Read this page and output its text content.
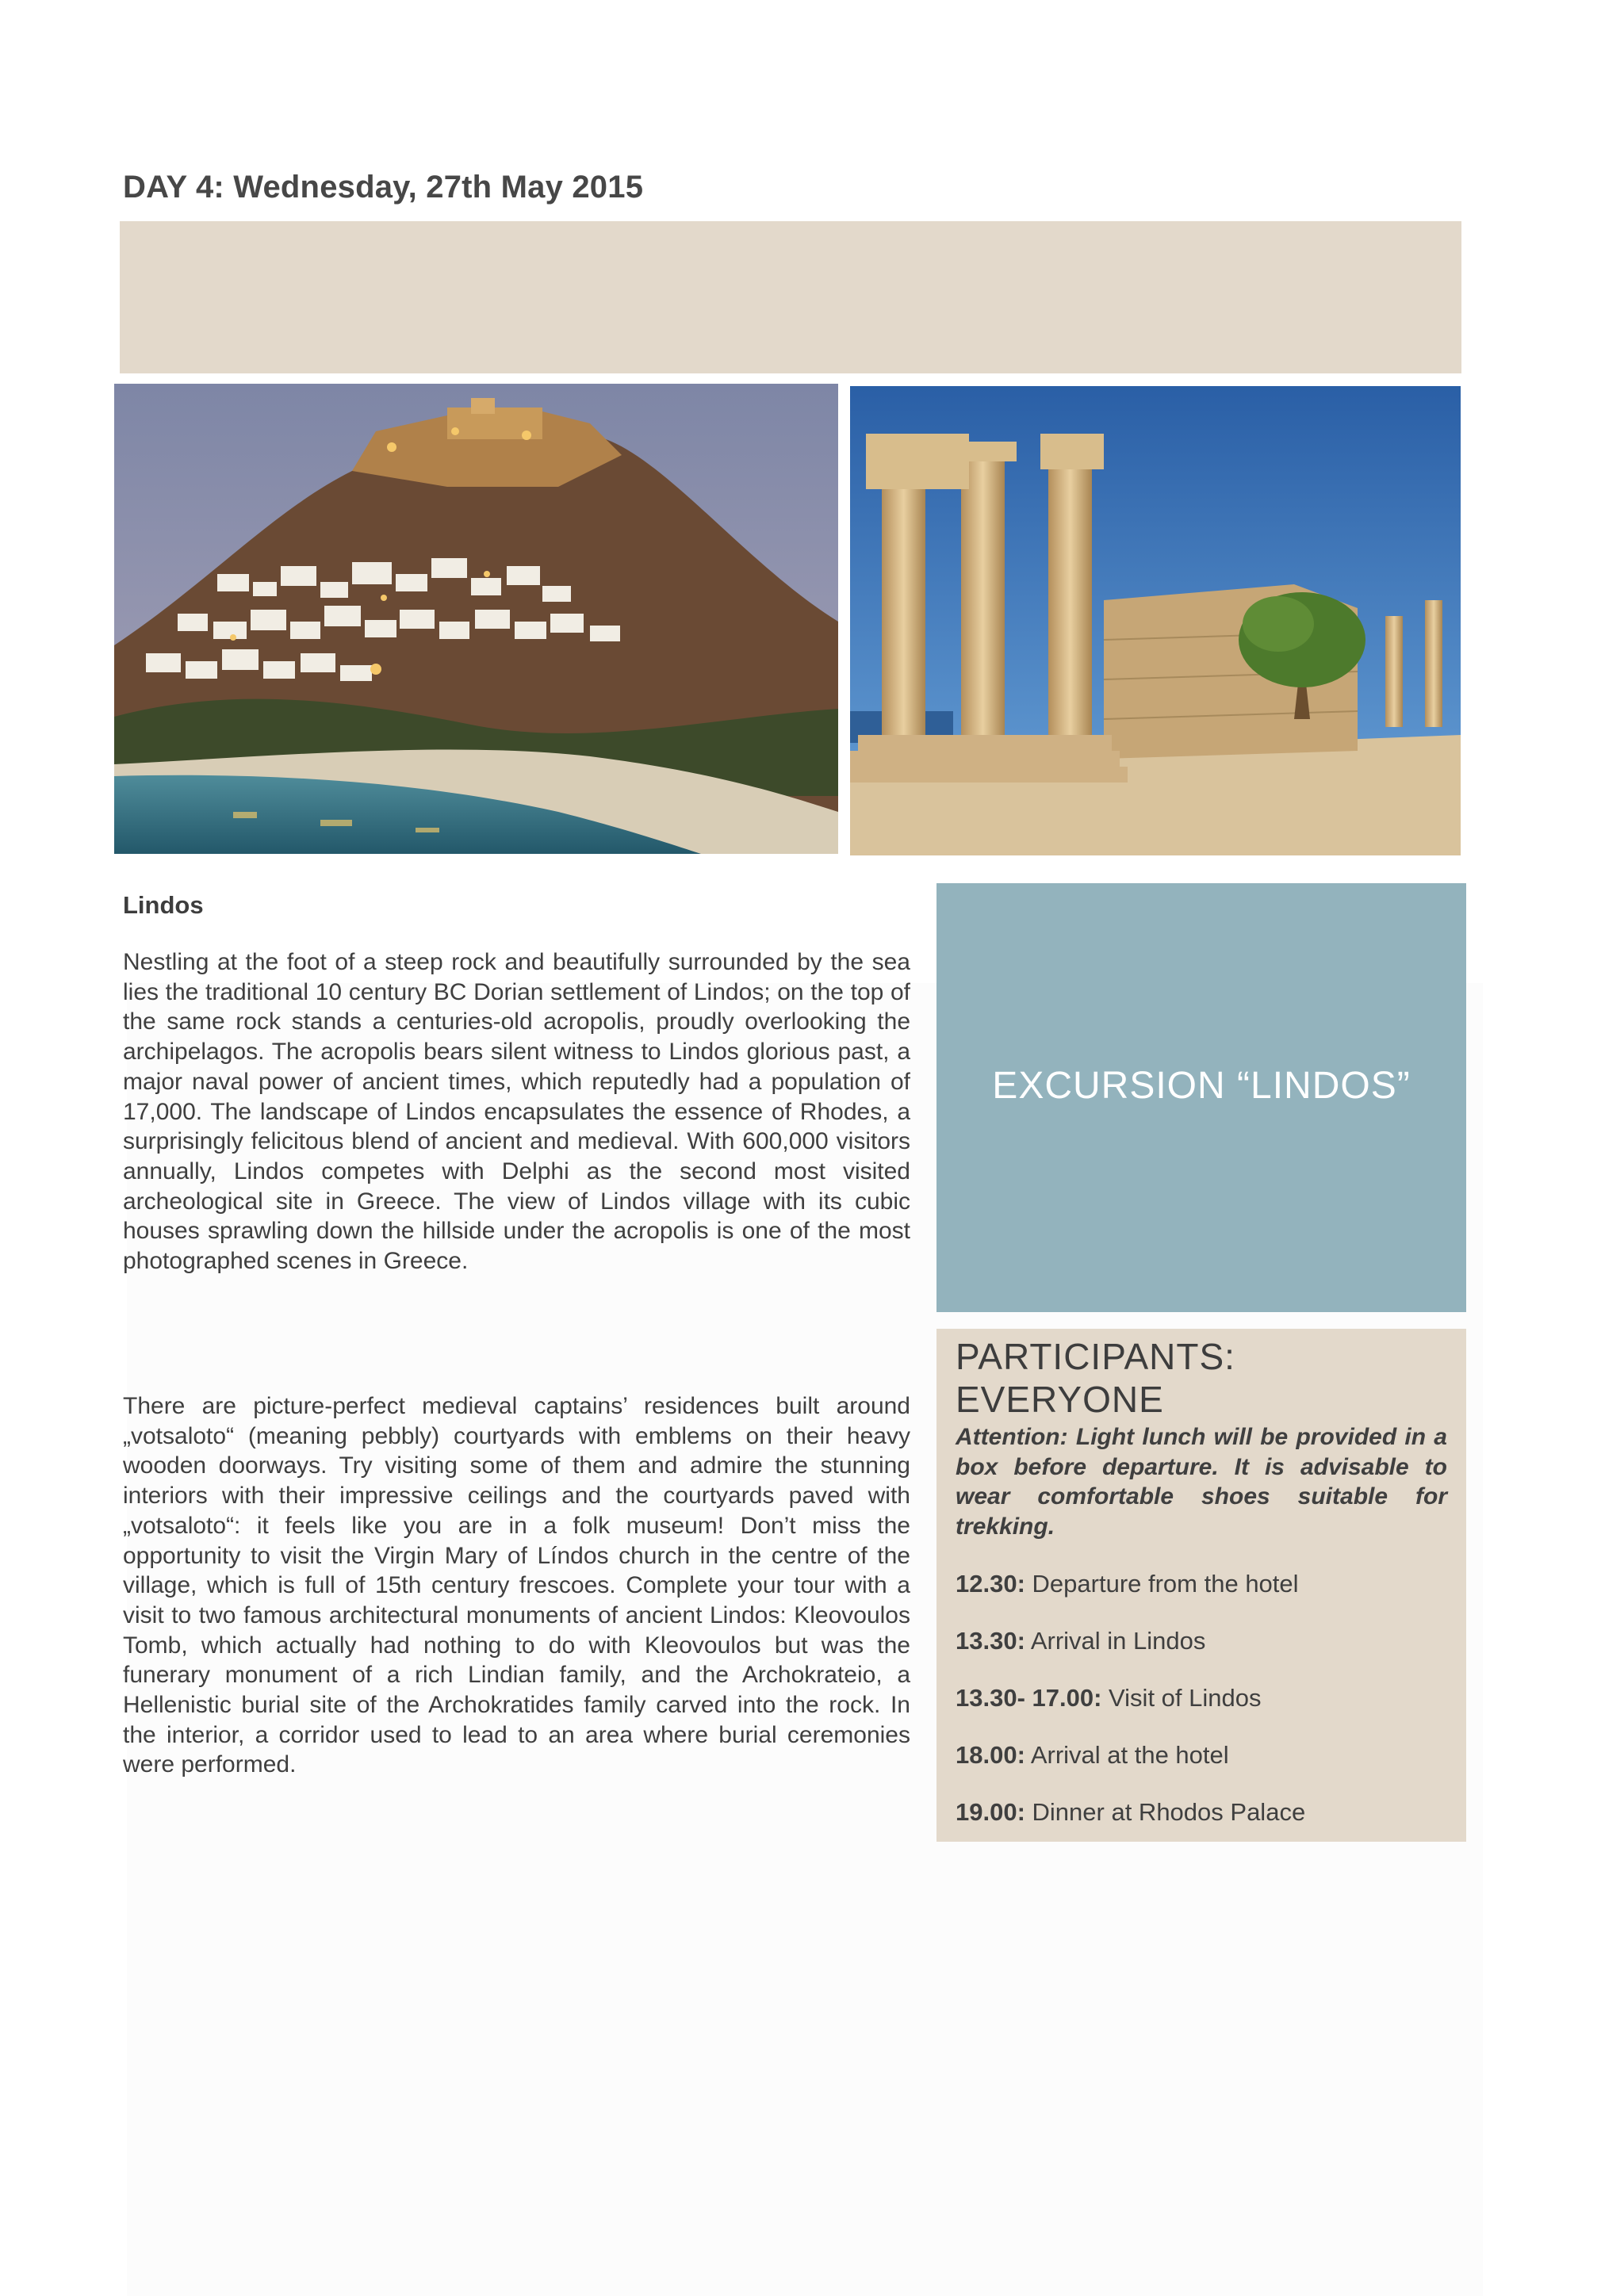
DAY 4: Wednesday, 27th May 2015
Lindos

Nestling at the foot of a steep rock and beautifully surrounded by the sea lies the traditional 10 century BC Dorian settlement of Lindos; on the top of the same rock stands a centuries-old acropolis, proudly overlooking the archipelagos. The acropolis bears silent witness to Lindos glorious past, a major naval power of ancient times, which reputedly had a population of 17,000. The landscape of Lindos encapsulates the essence of Rhodes, a surprisingly felicitous blend of ancient and medieval. With 600,000 visitors annually, Lindos competes with Delphi as the second most visited archeological site in Greece. The view of Lindos village with its cubic houses sprawling down the hillside under the acropolis is one of the most photographed scenes in Greece.

There are picture-perfect medieval captains’ residences built around „votsaloto“ (meaning pebbly) courtyards with emblems on their heavy wooden doorways. Try visiting some of them and admire the stunning interiors with their impressive ceilings and the courtyards paved with „votsaloto“: it feels like you are in a folk museum! Don’t miss the opportunity to visit the Virgin Mary of Líndos church in the centre of the village, which is full of 15th century frescoes. Complete your tour with a visit to two famous architectural monuments of ancient Lindos: Kleovoulos Tomb, which actually had nothing to do with Kleovoulos but was the funerary monument of a rich Lindian family, and the Archokrateio, a Hellenistic burial site of the Archokratides family carved into the rock. In the interior, a corridor used to lead to an area where burial ceremonies were performed.

EXCURSION “LINDOS”
PARTICIPANTS: EVERYONE
Attention: Light lunch will be provided in a box before departure. It is advisable to wear comfortable shoes suitable for trekking.
12.30: Departure from the hotel
13.30: Arrival in Lindos
13.30- 17.00: Visit of Lindos
18.00: Arrival at the hotel
19.00: Dinner at Rhodos Palace
